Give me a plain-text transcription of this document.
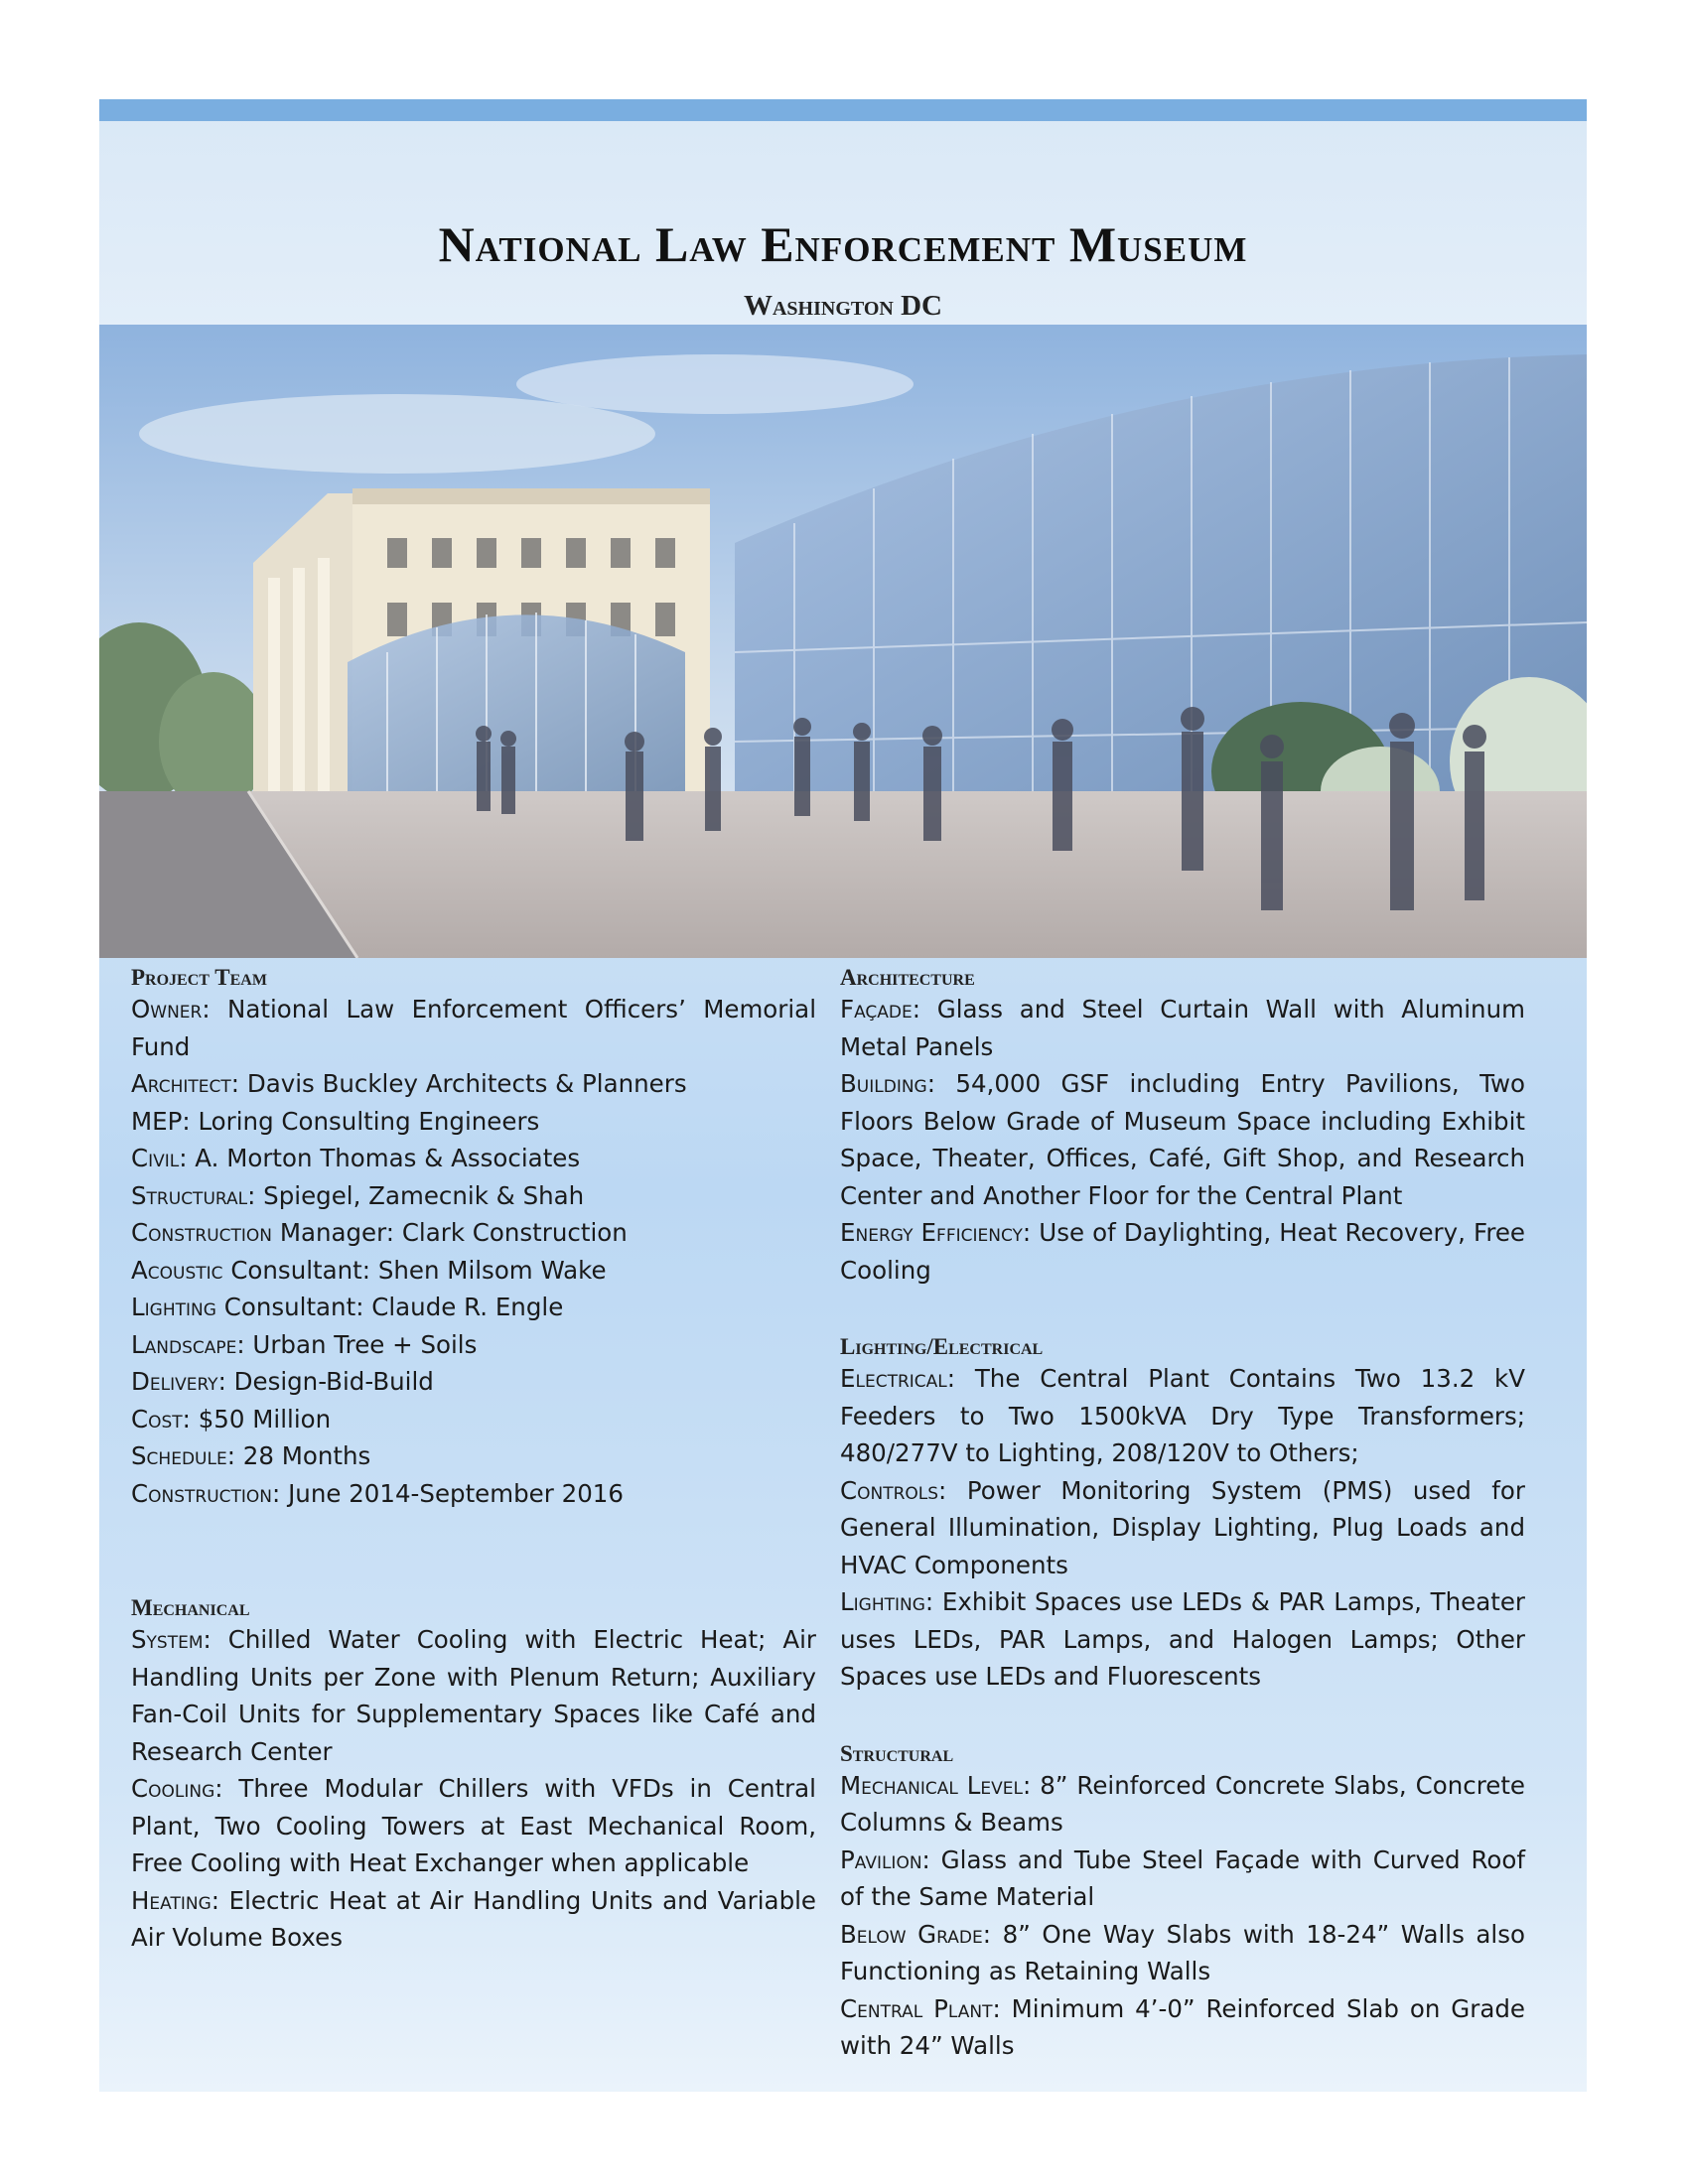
National Law Enforcement Museum
Washington DC
Project Team

Owner: National Law Enforcement Officers’ Memorial Fund

Architect: Davis Buckley Architects & Planners

MEP: Loring Consulting Engineers

Civil: A. Morton Thomas & Associates

Structural: Spiegel, Zamecnik & Shah

Construction Manager: Clark Construction

Acoustic Consultant: Shen Milsom Wake

Lighting Consultant: Claude R. Engle

Landscape: Urban Tree + Soils

Delivery: Design-Bid-Build

Cost: $50 Million

Schedule: 28 Months

Construction: June 2014-September 2016

Mechanical

System: Chilled Water Cooling with Electric Heat; Air Handling Units per Zone with Plenum Return; Auxiliary Fan-Coil Units for Supplementary Spaces like Café and Research Center

Cooling: Three Modular Chillers with VFDs in Central Plant, Two Cooling Towers at East Mechanical Room, Free Cooling with Heat Exchanger when applicable

Heating: Electric Heat at Air Handling Units and Variable Air Volume Boxes

Architecture

Façade: Glass and Steel Curtain Wall with Aluminum Metal Panels

Building: 54,000 GSF including Entry Pavilions, Two Floors Below Grade of Museum Space including Exhibit Space, Theater, Offices, Café, Gift Shop, and Research Center and Another Floor for the Central Plant

Energy Efficiency: Use of Daylighting, Heat Recovery, Free Cooling

Lighting/Electrical

Electrical: The Central Plant Contains Two 13.2 kV Feeders to Two 1500kVA Dry Type Transformers; 480/277V to Lighting, 208/120V to Others;

Controls: Power Monitoring System (PMS) used for General Illumination, Display Lighting, Plug Loads and HVAC Components

Lighting: Exhibit Spaces use LEDs & PAR Lamps, Theater uses LEDs, PAR Lamps, and Halogen Lamps; Other Spaces use LEDs and Fluorescents

Structural

Mechanical Level: 8” Reinforced Concrete Slabs, Concrete Columns & Beams

Pavilion: Glass and Tube Steel Façade with Curved Roof of the Same Material

Below Grade: 8” One Way Slabs with 18-24” Walls also Functioning as Retaining Walls

Central Plant: Minimum 4’-0” Reinforced Slab on Grade with 24” Walls
